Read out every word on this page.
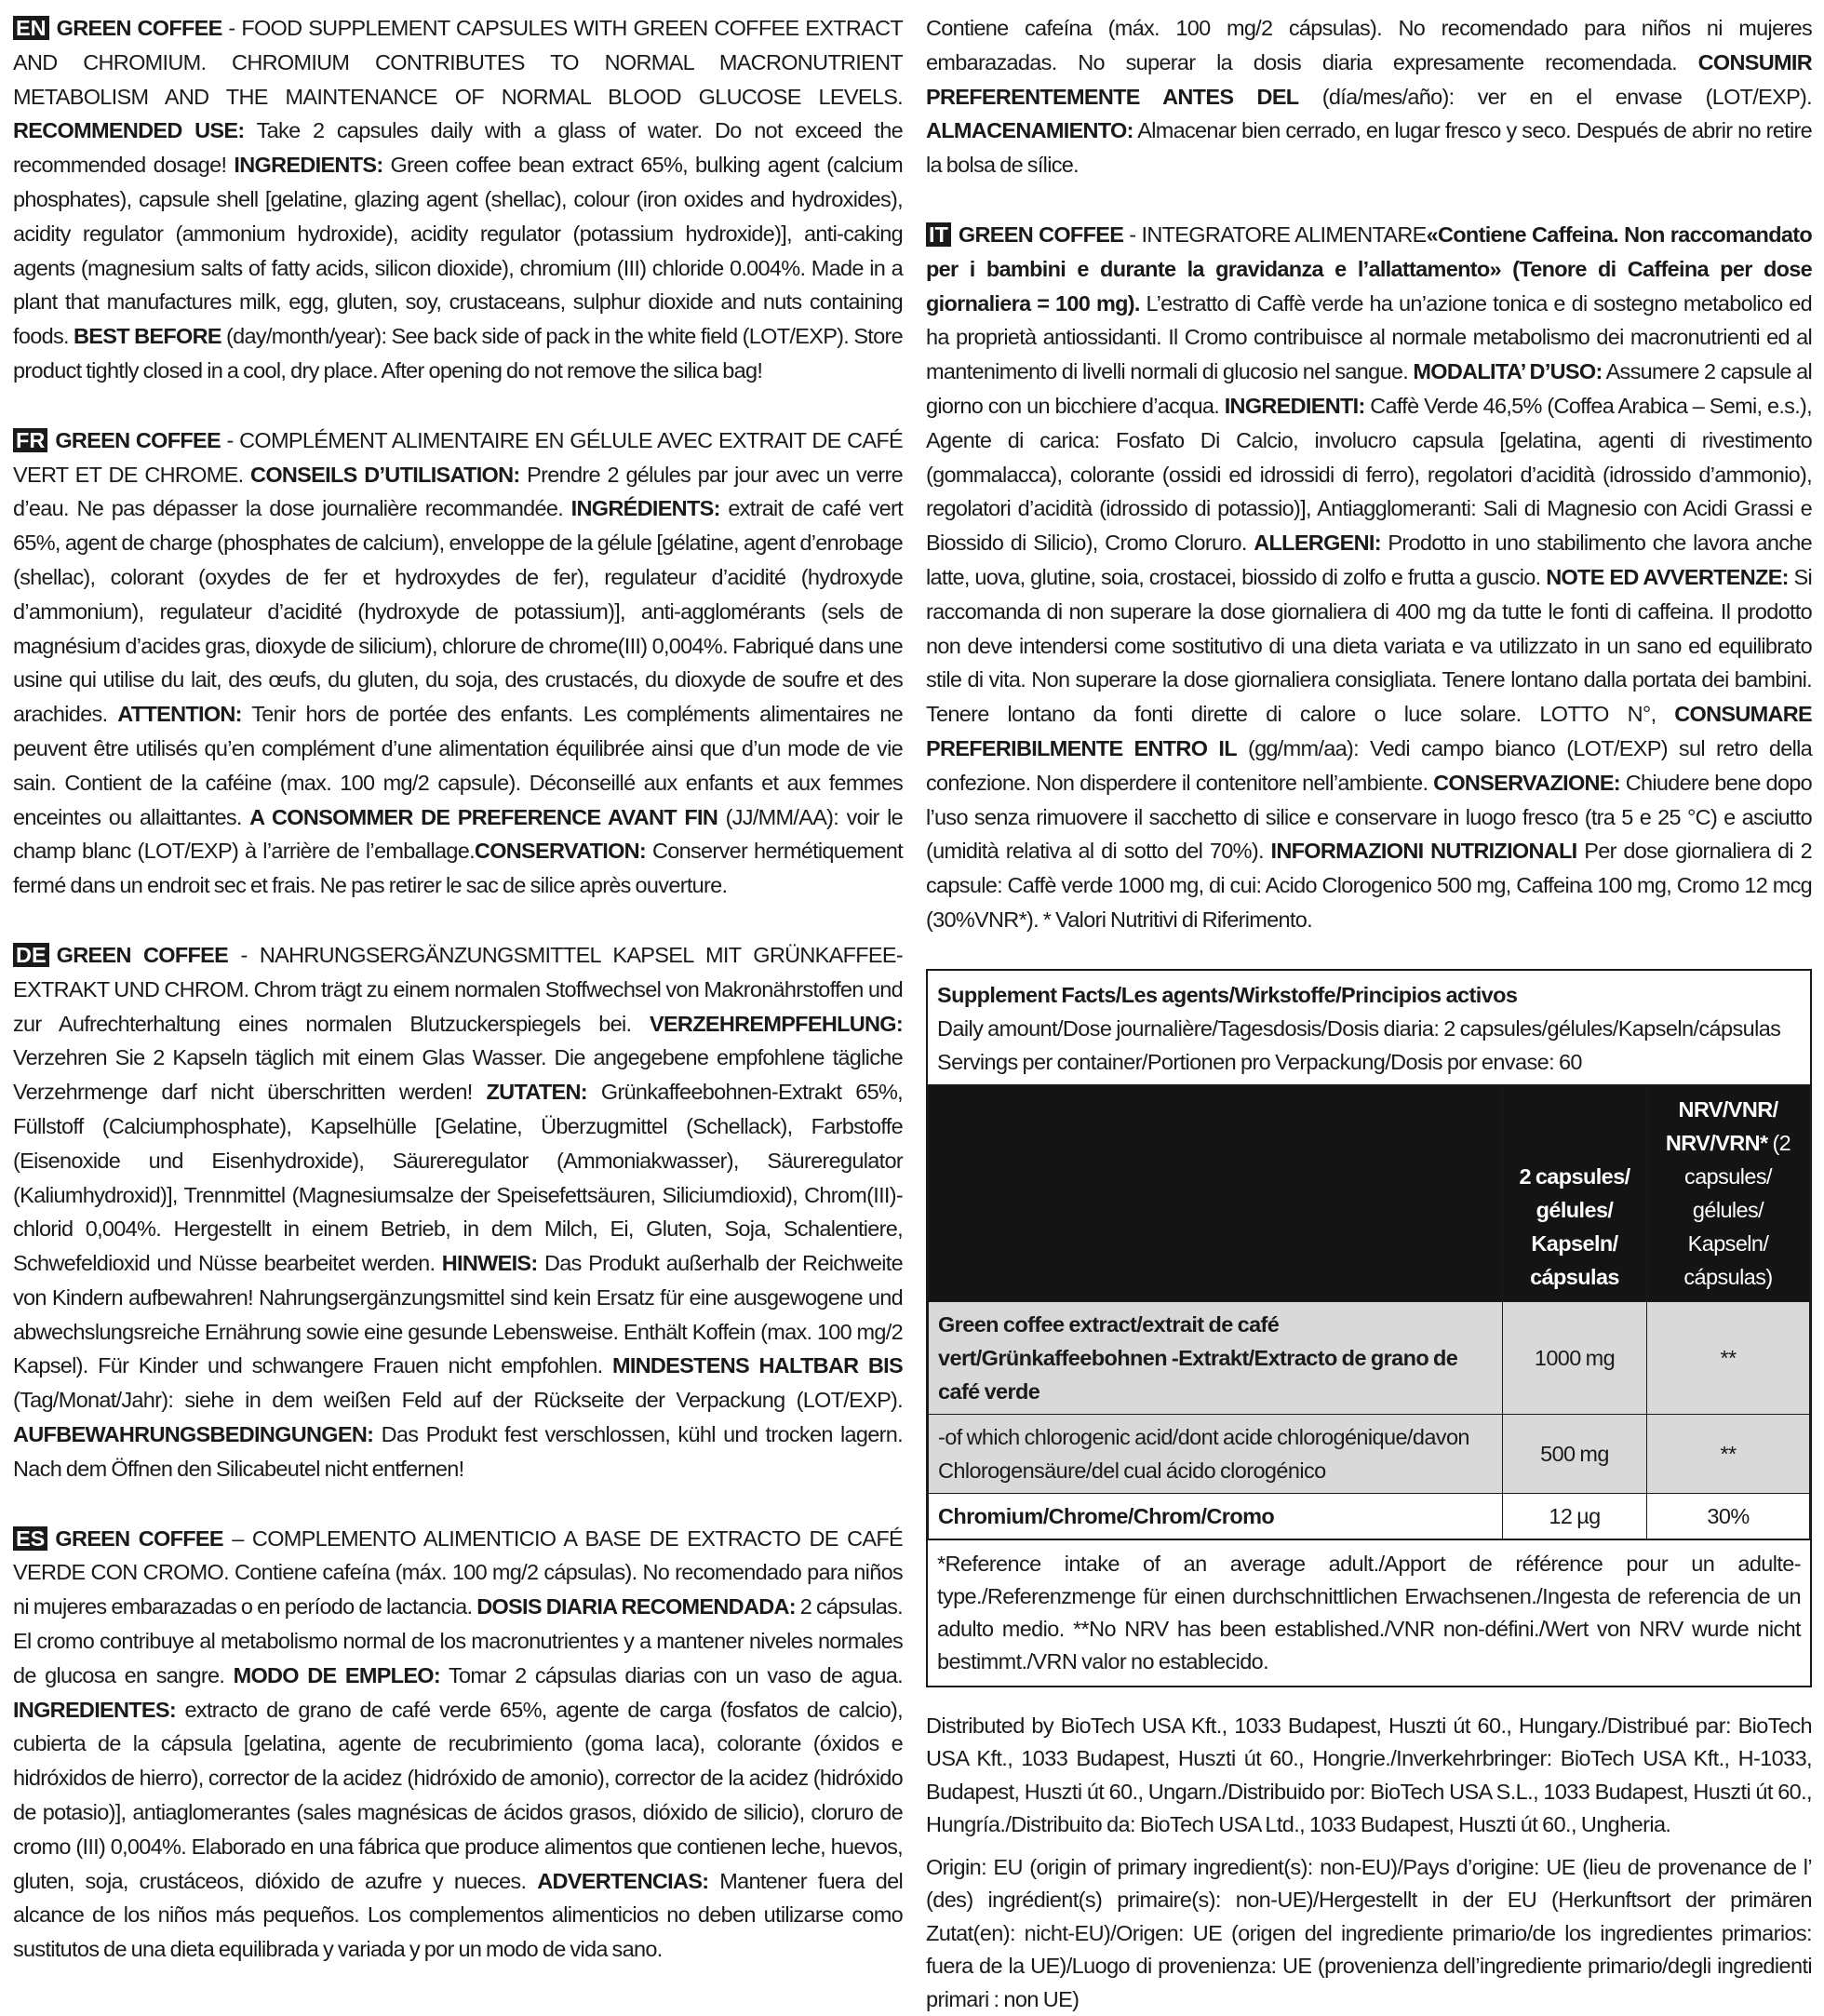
EN GREEN COFFEE - FOOD SUPPLEMENT CAPSULES WITH GREEN COFFEE EXTRACT AND CHROMIUM. CHROMIUM CONTRIBUTES TO NORMAL MACRONUTRIENT METABOLISM AND THE MAINTENANCE OF NORMAL BLOOD GLUCOSE LEVELS. RECOMMENDED USE: Take 2 capsules daily with a glass of water. Do not exceed the recommended dosage! INGREDIENTS: Green coffee bean extract 65%, bulking agent (calcium phosphates), capsule shell [gelatine, glazing agent (shellac), colour (iron oxides and hydroxides), acidity regulator (ammonium hydroxide), acidity regulator (potassium hydroxide)], anti-caking agents (magnesium salts of fatty acids, silicon dioxide), chromium (III) chloride 0.004%. Made in a plant that manufactures milk, egg, gluten, soy, crustaceans, sulphur dioxide and nuts containing foods. BEST BEFORE (day/month/year): See back side of pack in the white field (LOT/EXP). Store product tightly closed in a cool, dry place. After opening do not remove the silica bag!

FR GREEN COFFEE - COMPLÉMENT ALIMENTAIRE EN GÉLULE AVEC EXTRAIT DE CAFÉ VERT ET DE CHROME. CONSEILS D’UTILISATION: Prendre 2 gélules par jour avec un verre d’eau. Ne pas dépasser la dose journalière recommandée. INGRÉDIENTS: extrait de café vert 65%, agent de charge (phosphates de calcium), enveloppe de la gélule [gélatine, agent d’enrobage (shellac), colorant (oxydes de fer et hydroxydes de fer), regulateur d’acidité (hydroxyde d’ammonium), regulateur d’acidité (hydroxyde de potassium)], anti-agglomérants (sels de magnésium d’acides gras, dioxyde de silicium), chlorure de chrome(III) 0,004%. Fabriqué dans une usine qui utilise du lait, des œufs, du gluten, du soja, des crustacés, du dioxyde de soufre et des arachides. ATTENTION: Tenir hors de portée des enfants. Les compléments alimentaires ne peuvent être utilisés qu’en complément d’une alimentation équilibrée ainsi que d’un mode de vie sain. Contient de la caféine (max. 100 mg/2 capsule). Déconseillé aux enfants et aux femmes enceintes ou allaittantes. A CONSOMMER DE PREFERENCE AVANT FIN (JJ/MM/AA): voir le champ blanc (LOT/EXP) à l’arrière de l’emballage.CONSERVATION: Conserver hermétiquement fermé dans un endroit sec et frais. Ne pas retirer le sac de silice après ouverture.

DE GREEN COFFEE - NAHRUNGSERGÄNZUNGSMITTEL KAPSEL MIT GRÜNKAFFEE-EXTRAKT UND CHROM. Chrom trägt zu einem normalen Stoffwechsel von Makronährstoffen und zur Aufrechterhaltung eines normalen Blutzuckerspiegels bei. VERZEHREMPFEHLUNG: Verzehren Sie 2 Kapseln täglich mit einem Glas Wasser. Die angegebene empfohlene tägliche Verzehrmenge darf nicht überschritten werden! ZUTATEN: Grünkaffeebohnen-Extrakt 65%, Füllstoff (Calciumphosphate), Kapselhülle [Gelatine, Überzugmittel (Schellack), Farbstoffe (Eisenoxide und Eisenhydroxide), Säureregulator (Ammoniakwasser), Säureregulator (Kaliumhydroxid)], Trennmittel (Magnesiumsalze der Speisefettsäuren, Siliciumdioxid), Chrom(III)-chlorid 0,004%. Hergestellt in einem Betrieb, in dem Milch, Ei, Gluten, Soja, Schalentiere, Schwefeldioxid und Nüsse bearbeitet werden. HINWEIS: Das Produkt außerhalb der Reichweite von Kindern aufbewahren! Nahrungsergänzungsmittel sind kein Ersatz für eine ausgewogene und abwechslungsreiche Ernährung sowie eine gesunde Lebensweise. Enthält Koffein (max. 100 mg/2 Kapsel). Für Kinder und schwangere Frauen nicht empfohlen. MINDESTENS HALTBAR BIS (Tag/Monat/Jahr): siehe in dem weißen Feld auf der Rückseite der Verpackung (LOT/EXP). AUFBEWAHRUNGSBEDINGUNGEN: Das Produkt fest verschlossen, kühl und trocken lagern. Nach dem Öffnen den Silicabeutel nicht entfernen!

ES GREEN COFFEE – COMPLEMENTO ALIMENTICIO A BASE DE EXTRACTO DE CAFÉ VERDE CON CROMO. Contiene cafeína (máx. 100 mg/2 cápsulas). No recomendado para niños ni mujeres embarazadas o en período de lactancia. DOSIS DIARIA RECOMENDADA: 2 cápsulas. El cromo contribuye al metabolismo normal de los macronutrientes y a mantener niveles normales de glucosa en sangre. MODO DE EMPLEO: Tomar 2 cápsulas diarias con un vaso de agua. INGREDIENTES: extracto de grano de café verde 65%, agente de carga (fosfatos de calcio), cubierta de la cápsula [gelatina, agente de recubrimiento (goma laca), colorante (óxidos e hidróxidos de hierro), corrector de la acidez (hidróxido de amonio), corrector de la acidez (hidróxido de potasio)], antiaglomerantes (sales magnésicas de ácidos grasos, dióxido de silicio), cloruro de cromo (III) 0,004%. Elaborado en una fábrica que produce alimentos que contienen leche, huevos, gluten, soja, crustáceos, dióxido de azufre y nueces. ADVERTENCIAS: Mantener fuera del alcance de los niños más pequeños. Los complementos alimenticios no deben utilizarse como sustitutos de una dieta equilibrada y variada y por un modo de vida sano.

Contiene cafeína (máx. 100 mg/2 cápsulas). No recomendado para niños ni mujeres embarazadas. No superar la dosis diaria expresamente recomendada. CONSUMIR PREFERENTEMENTE ANTES DEL (día/mes/año): ver en el envase (LOT/EXP). ALMACENAMIENTO: Almacenar bien cerrado, en lugar fresco y seco. Después de abrir no retire la bolsa de sílice.

IT GREEN COFFEE - INTEGRATORE ALIMENTARE«Contiene Caffeina. Non raccomandato per i bambini e durante la gravidanza e l’allattamento» (Tenore di Caffeina per dose giornaliera = 100 mg). L’estratto di Caffè verde ha un’azione tonica e di sostegno metabolico ed ha proprietà antiossidanti. Il Cromo contribuisce al normale metabolismo dei macronutrienti ed al mantenimento di livelli normali di glucosio nel sangue. MODALITA’ D’USO: Assumere 2 capsule al giorno con un bicchiere d’acqua. INGREDIENTI: Caffè Verde 46,5% (Coffea Arabica – Semi, e.s.), Agente di carica: Fosfato Di Calcio, involucro capsula [gelatina, agenti di rivestimento (gommalacca), colorante (ossidi ed idrossidi di ferro), regolatori d’acidità (idrossido d’ammonio), regolatori d’acidità (idrossido di potassio)], Antiagglomeranti: Sali di Magnesio con Acidi Grassi e Biossido di Silicio), Cromo Cloruro. ALLERGENI: Prodotto in uno stabilimento che lavora anche latte, uova, glutine, soia, crostacei, biossido di zolfo e frutta a guscio. NOTE ED AVVERTENZE: Si raccomanda di non superare la dose giornaliera di 400 mg da tutte le fonti di caffeina. Il prodotto non deve intendersi come sostitutivo di una dieta variata e va utilizzato in un sano ed equilibrato stile di vita. Non superare la dose giornaliera consigliata. Tenere lontano dalla portata dei bambini. Tenere lontano da fonti dirette di calore o luce solare. LOTTO N°, CONSUMARE PREFERIBILMENTE ENTRO IL (gg/mm/aa): Vedi campo bianco (LOT/EXP) sul retro della confezione. Non disperdere il contenitore nell’ambiente. CONSERVAZIONE: Chiudere bene dopo l’uso senza rimuovere il sacchetto di silice e conservare in luogo fresco (tra 5 e 25 °C) e asciutto (umidità relativa al di sotto del 70%). INFORMAZIONI NUTRIZIONALI Per dose giornaliera di 2 capsule: Caffè verde 1000 mg, di cui: Acido Clorogenico 500 mg, Caffeina 100 mg, Cromo 12 mcg (30%VNR*). * Valori Nutritivi di Riferimento.

Supplement Facts/Les agents/Wirkstoffe/Principios activos
Daily amount/Dose journalière/Tagesdosis/Dosis diaria: 2 capsules/gélules/Kapseln/cápsulas
Servings per container/Portionen pro Verpackung/Dosis por envase: 60
	2 capsules/ gélules/ Kapseln/ cápsulas	NRV/VNR/ NRV/VRN* (2 capsules/ gélules/ Kapseln/ cápsulas)
Green coffee extract/extrait de café vert/Grünkaffeebohnen -Extrakt/Extracto de grano de café verde	1000 mg	**
-of which chlorogenic acid/dont acide chlorogénique/davon Chlorogensäure/del cual ácido clorogénico	500 mg	**
Chromium/Chrome/Chrom/Cromo	12 µg	30%
*Reference intake of an average adult./Apport de référence pour un adulte-type./Referenzmenge für einen durchschnittlichen Erwachsenen./Ingesta de referencia de un adulto medio. **No NRV has been established./VNR non-défini./Wert von NRV wurde nicht bestimmt./VRN valor no establecido.

Distributed by BioTech USA Kft., 1033 Budapest, Huszti út 60., Hungary./Distribué par: BioTech USA Kft., 1033 Budapest, Huszti út 60., Hongrie./Inverkehrbringer: BioTech USA Kft., H-1033, Budapest, Huszti út 60., Ungarn./Distribuido por: BioTech USA S.L., 1033 Budapest, Huszti út 60., Hungría./Distribuito da: BioTech USA Ltd., 1033 Budapest, Huszti út 60., Ungheria.

Origin: EU (origin of primary ingredient(s): non-EU)/Pays d’origine: UE (lieu de provenance de l’ (des) ingrédient(s) primaire(s): non-UE)/Hergestellt in der EU (Herkunftsort der primären Zutat(en): nicht-EU)/Origen: UE (origen del ingrediente primario/de los ingredientes primarios: fuera de la UE)/Luogo di provenienza: UE (provenienza dell’ingrediente primario/degli ingredienti primari : non UE)
